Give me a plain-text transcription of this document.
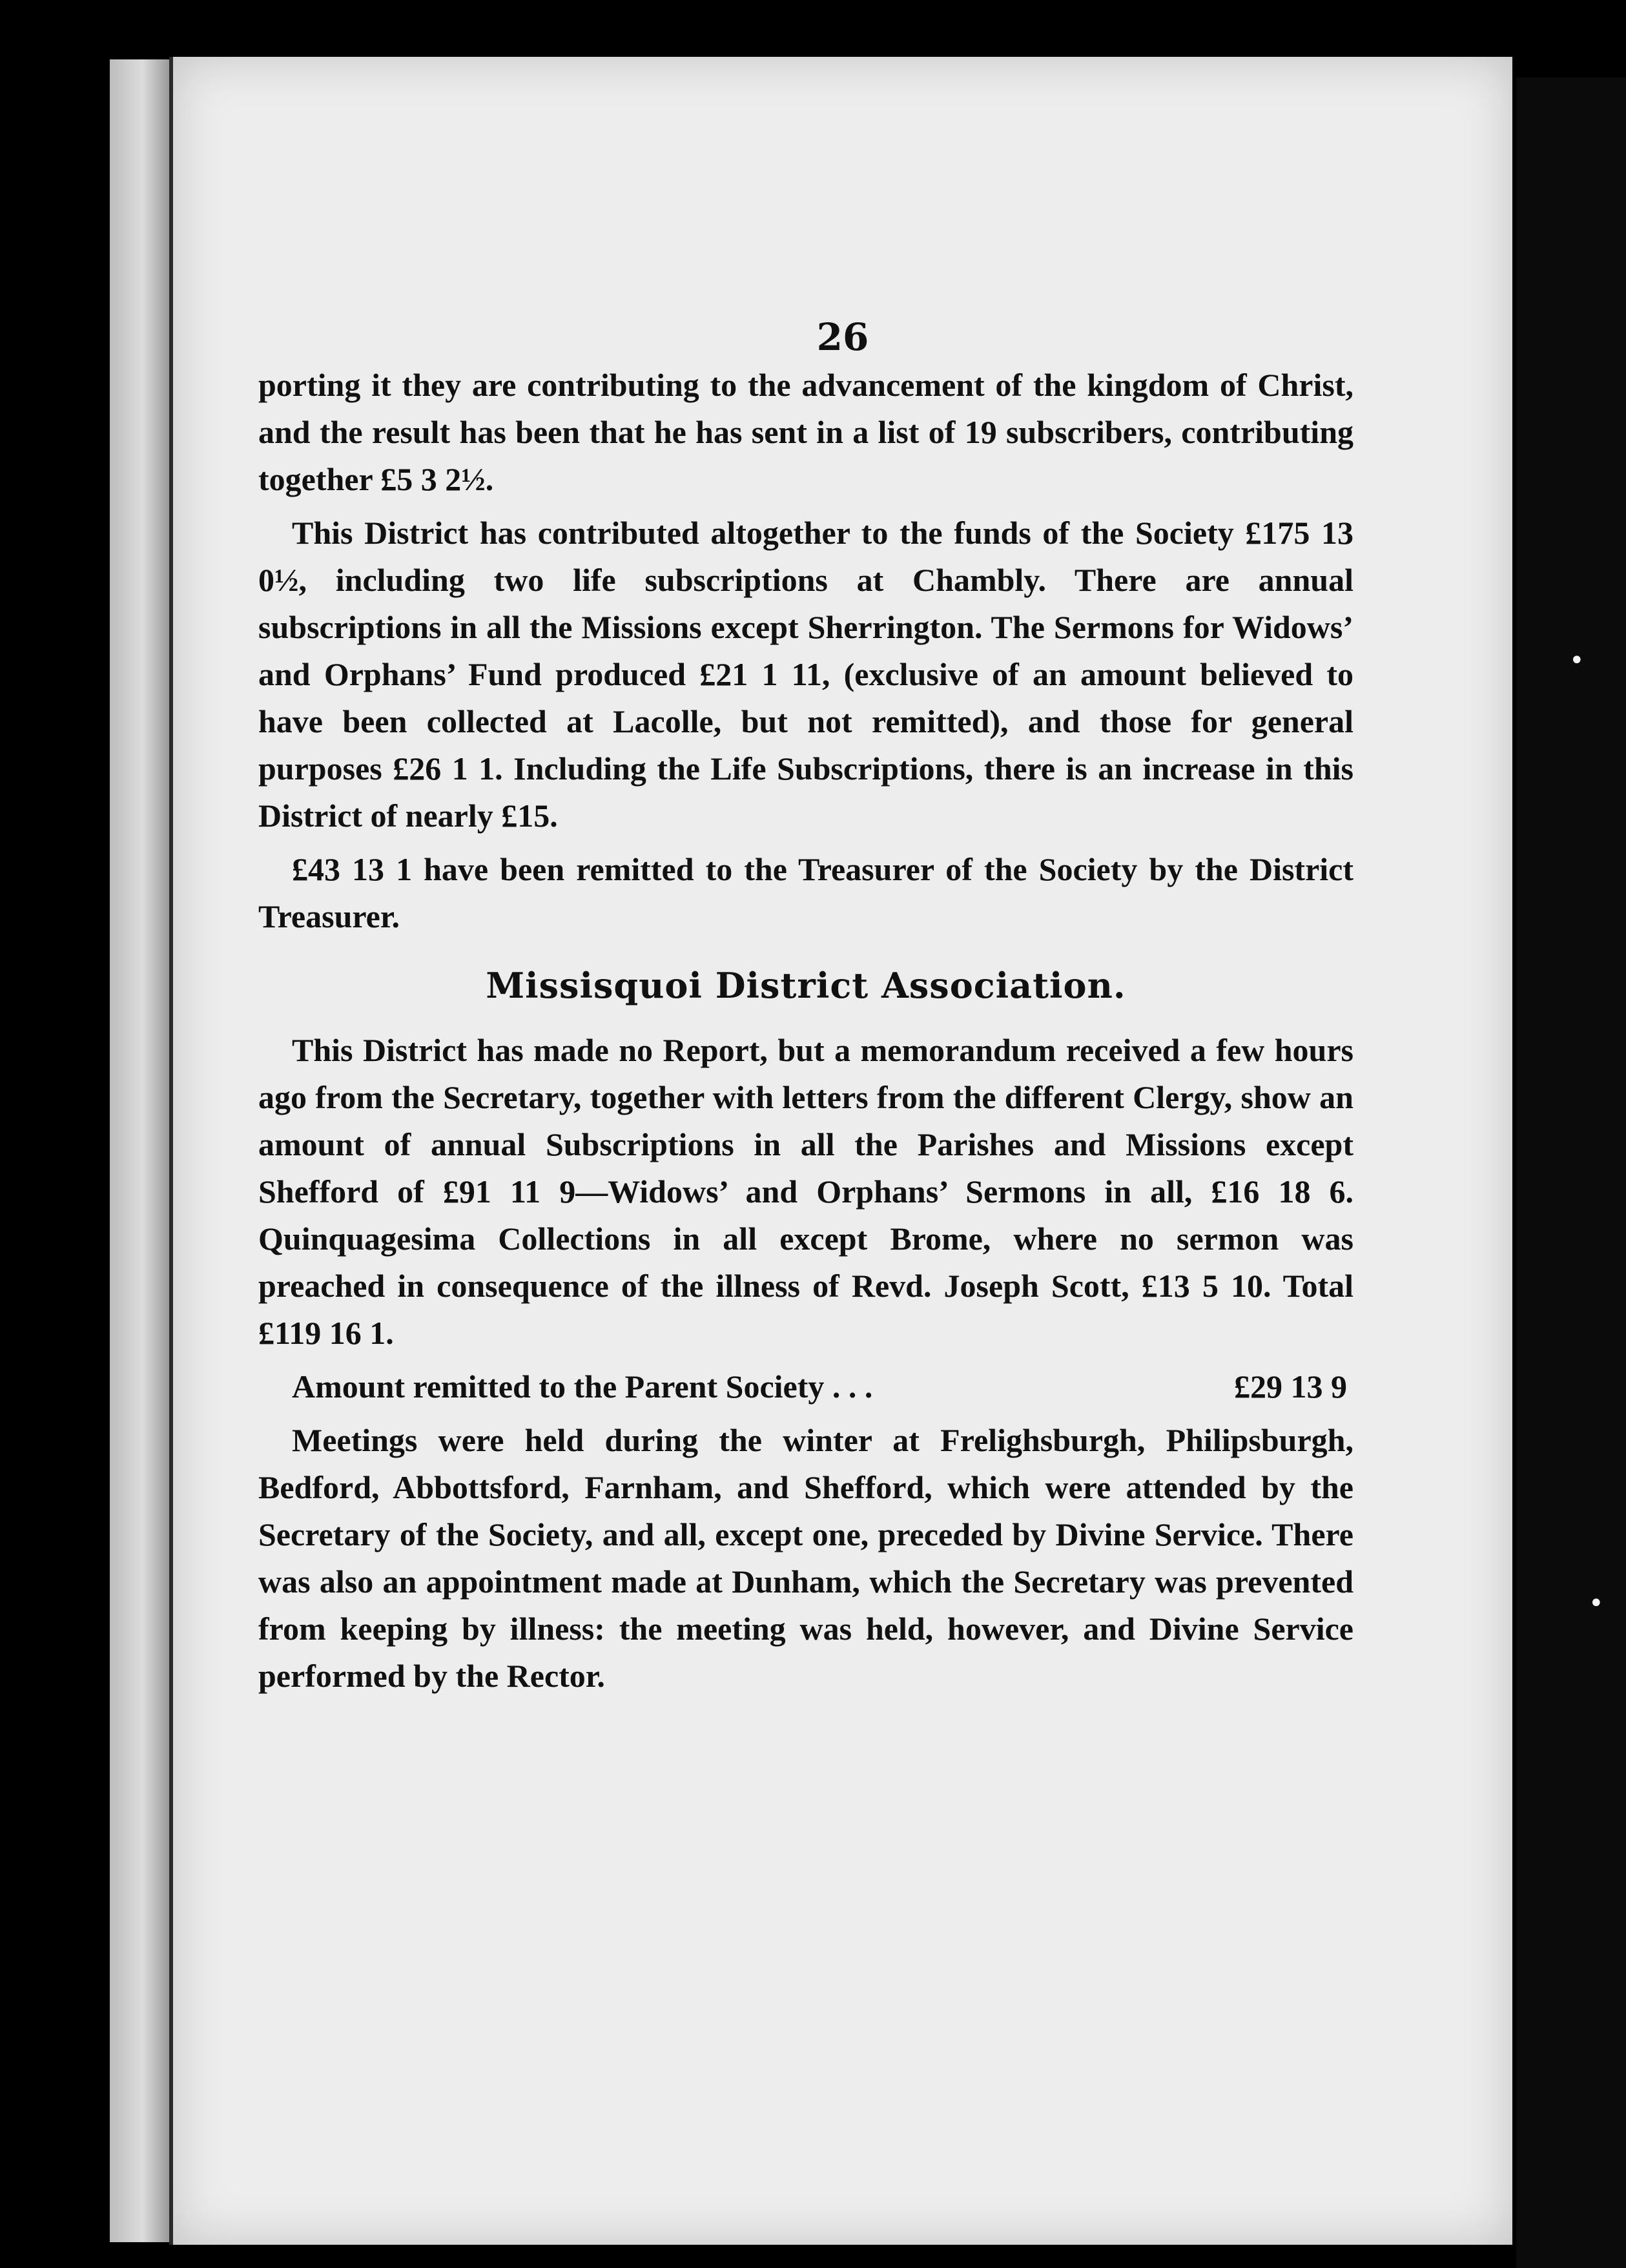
•
•
26

porting it they are contributing to the advancement of the kingdom of Christ, and the result has been that he has sent in a list of 19 subscribers, contributing together £5 3 2½.

This District has contributed altogether to the funds of the Society £175 13 0½, including two life subscriptions at Chambly. There are annual subscriptions in all the Missions except Sherrington. The Sermons for Widows’ and Orphans’ Fund produced £21 1 11, (exclusive of an amount believed to have been collected at Lacolle, but not remitted), and those for general purposes £26 1 1. Including the Life Subscriptions, there is an increase in this District of nearly £15.

£43 13 1 have been remitted to the Treasurer of the Society by the District Treasurer.

Missisquoi District Association.

This District has made no Report, but a memorandum received a few hours ago from the Secretary, together with letters from the different Clergy, show an amount of annual Subscriptions in all the Parishes and Missions except Shefford of £91 11 9—Widows’ and Orphans’ Sermons in all, £16 18 6. Quinquagesima Collections in all except Brome, where no sermon was preached in consequence of the illness of Revd. Joseph Scott, £13 5 10. Total £119 16 1.

Amount remitted to the Parent Society . . .	£29 13 9

Meetings were held during the winter at Frelighsburgh, Philipsburgh, Bedford, Abbottsford, Farnham, and Shefford, which were attended by the Secretary of the Society, and all, except one, preceded by Divine Service. There was also an appointment made at Dunham, which the Secretary was prevented from keeping by illness: the meeting was held, however, and Divine Service performed by the Rector.
